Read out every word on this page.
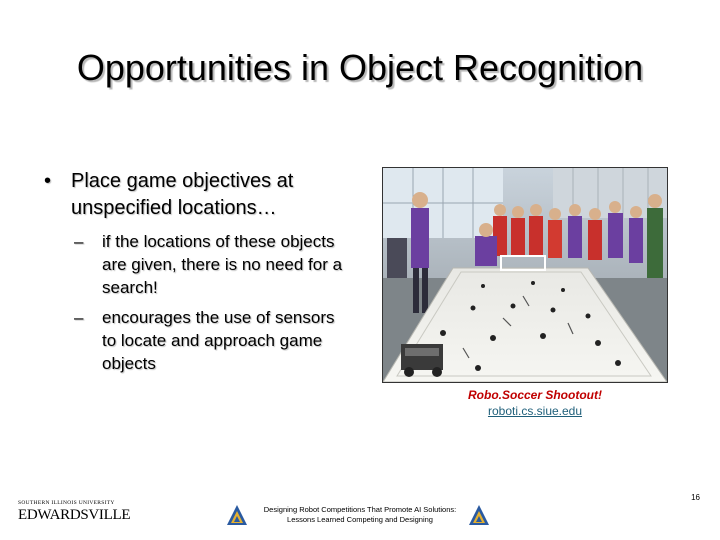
Opportunities in Object Recognition
• Place game objectives at unspecified locations…
– if the locations of these objects are given, there is no need for a search!
– encourages the use of sensors to locate and approach game objects
Robo.Soccer Shootout!
roboti.cs.siue.edu
16
SOUTHERN ILLINOIS UNIVERSITY
EDWARDSVILLE	Designing Robot Competitions That Promote AI Solutions:
Lessons Learned Competing and Designing
